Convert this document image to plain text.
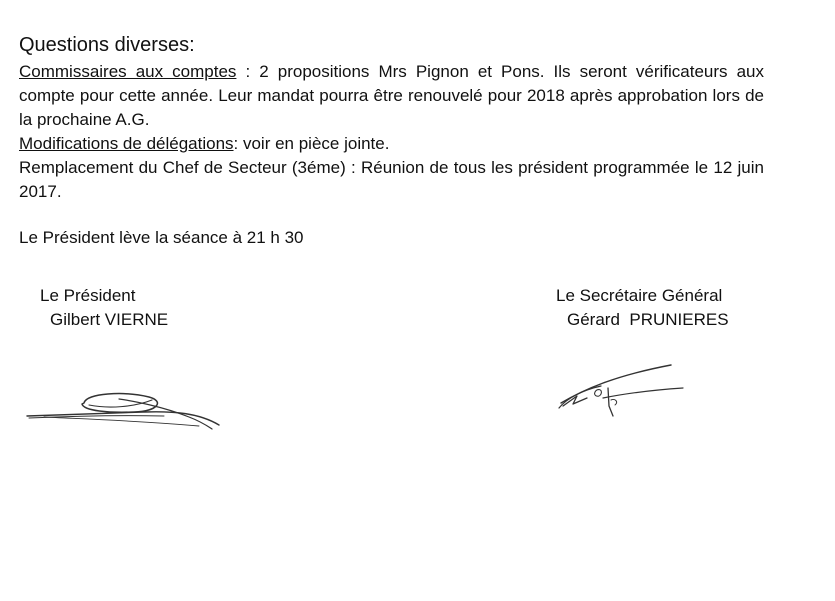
Questions diverses:

Commissaires aux comptes : 2 propositions Mrs Pignon et Pons. Ils seront vérificateurs aux compte pour cette année. Leur mandat pourra être renouvelé pour 2018 après approbation lors de la prochaine A.G.

Modifications de délégations: voir en pièce jointe.

Remplacement du Chef de Secteur (3éme) : Réunion de tous les président programmée le 12 juin 2017.

Le Président lève la séance à 21 h 30

Le Président
Gilbert VIERNE
Le Secrétaire Général
Gérard  PRUNIERES
